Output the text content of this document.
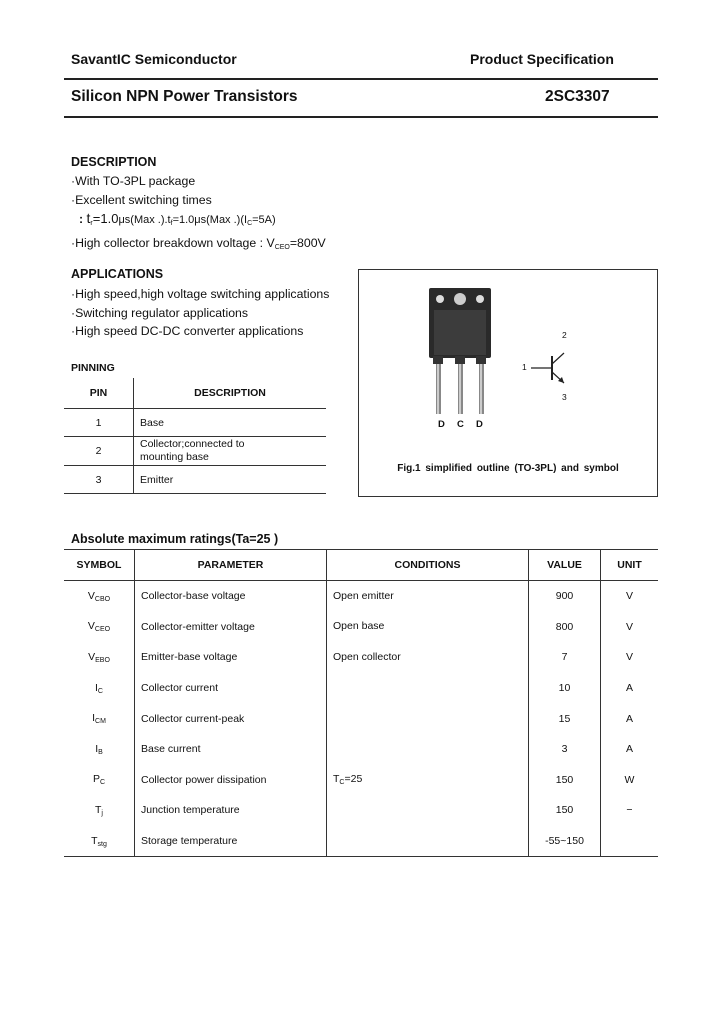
SavantIC Semiconductor	Product Specification
Silicon NPN Power Transistors	2SC3307
DESCRIPTION
·With TO-3PL package
·Excellent switching times
: $t_r=1.0\mu s(Max$ $.).t_f=1.0\mu s(Max$ $.)(I_C=5A)$
·High collector breakdown voltage : $V_{CEO}=800V$
APPLICATIONS
·High speed,high voltage switching applications
·Switching regulator applications
·High speed DC-DC converter applications
PINNING
PIN	DESCRIPTION
1	Base
2	Collector;connected to mounting base
3	Emitter
D C D
1
2
3
Fig.1 simplified outline (TO-3PL) and symbol
Absolute maximum ratings(Ta=25 )
SYMBOL	PARAMETER	CONDITIONS	VALUE	UNIT
$V_{CBO}$	Collector-base voltage	Open emitter	900	V
$V_{CEO}$	Collector-emitter voltage	Open base	800	V
$V_{EBO}$	Emitter-base voltage	Open collector	7	V
$I_C$	Collector current		10	A
$I_{CM}$	Collector current-peak		15	A
$I_B$	Base current		3	A
$P_C$	Collector power dissipation	$T_C=25$	150	W
$T_j$	Junction temperature		150	−
$T_{stg}$	Storage temperature		-55~150	
